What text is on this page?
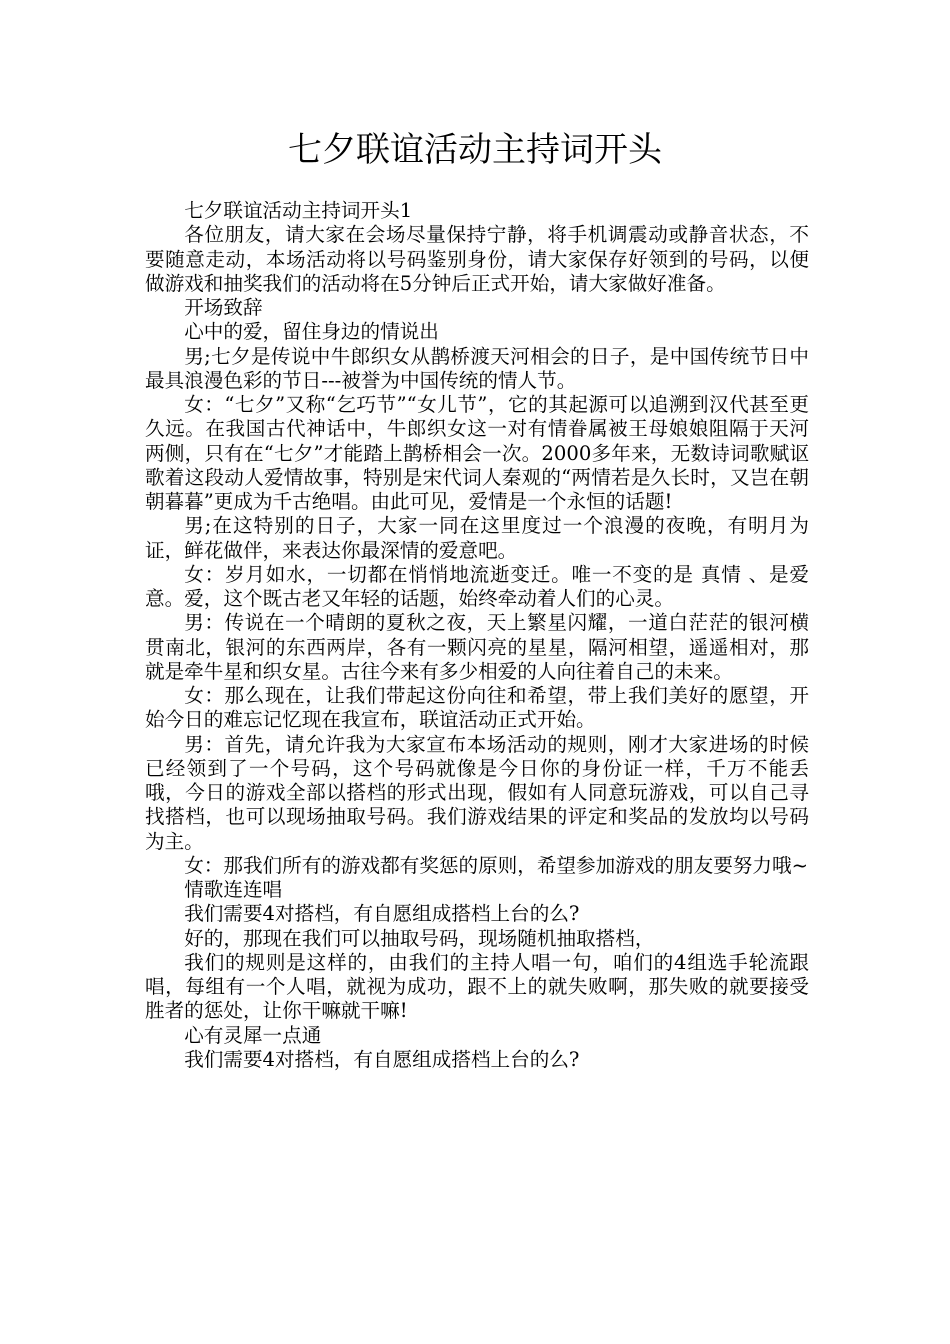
七夕联谊活动主持词开头

七夕联谊活动主持词开头1

各位朋友，请大家在会场尽量保持宁静，将手机调震动或静音状态，不要随意走动，本场活动将以号码鉴别身份，请大家保存好领到的号码，以便做游戏和抽奖我们的活动将在5分钟后正式开始，请大家做好准备。

开场致辞

心中的爱，留住身边的情说出

男;七夕是传说中牛郎织女从鹊桥渡天河相会的日子，是中国传统节日中最具浪漫色彩的节日---被誉为中国传统的情人节。

女：“七夕”又称“乞巧节”“女儿节”，它的其起源可以追溯到汉代甚至更久远。在我国古代神话中，牛郎织女这一对有情眷属被王母娘娘阻隔于天河两侧，只有在“七夕”才能踏上鹊桥相会一次。2000多年来，无数诗词歌赋讴歌着这段动人爱情故事，特别是宋代词人秦观的“两情若是久长时，又岂在朝朝暮暮”更成为千古绝唱。由此可见，爱情是一个永恒的话题!

男;在这特别的日子，大家一同在这里度过一个浪漫的夜晚，有明月为证，鲜花做伴，来表达你最深情的爱意吧。

女：岁月如水，一切都在悄悄地流逝变迁。唯一不变的是 真情 、是爱意。爱，这个既古老又年轻的话题，始终牵动着人们的心灵。

男：传说在一个晴朗的夏秋之夜，天上繁星闪耀，一道白茫茫的银河横贯南北，银河的东西两岸，各有一颗闪亮的星星，隔河相望，遥遥相对，那就是牵牛星和织女星。古往今来有多少相爱的人向往着自己的未来。

女：那么现在，让我们带起这份向往和希望，带上我们美好的愿望，开始今日的难忘记忆现在我宣布，联谊活动正式开始。

男：首先，请允许我为大家宣布本场活动的规则，刚才大家进场的时候已经领到了一个号码，这个号码就像是今日你的身份证一样，千万不能丢哦，今日的游戏全部以搭档的形式出现，假如有人同意玩游戏，可以自己寻找搭档，也可以现场抽取号码。我们游戏结果的评定和奖品的发放均以号码为主。

女：那我们所有的游戏都有奖惩的原则，希望参加游戏的朋友要努力哦~

情歌连连唱

我们需要4对搭档，有自愿组成搭档上台的么?

好的，那现在我们可以抽取号码，现场随机抽取搭档，

我们的规则是这样的，由我们的主持人唱一句，咱们的4组选手轮流跟唱，每组有一个人唱，就视为成功，跟不上的就失败啊，那失败的就要接受胜者的惩处，让你干嘛就干嘛!

心有灵犀一点通

我们需要4对搭档，有自愿组成搭档上台的么?
